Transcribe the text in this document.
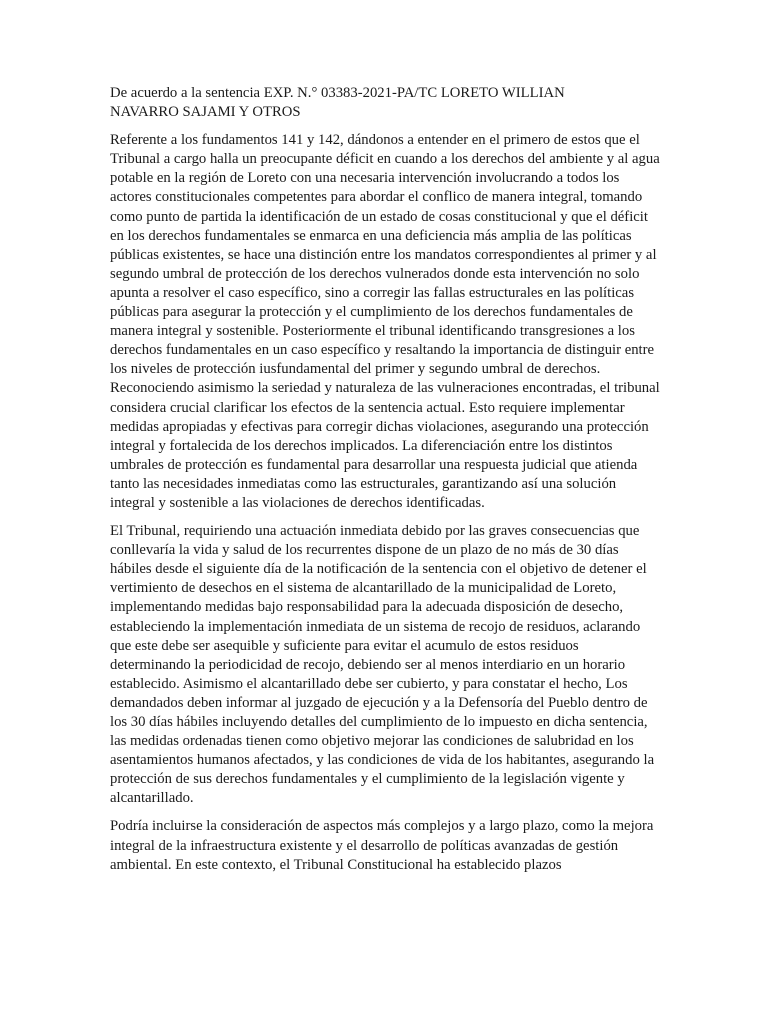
De acuerdo a la sentencia EXP. N.° 03383-2021-PA/TC LORETO WILLIAN NAVARRO SAJAMI Y OTROS

Referente a los fundamentos 141 y 142, dándonos a entender en el primero de estos que el Tribunal a cargo halla un preocupante déficit en cuando a los derechos del ambiente y al agua potable en la región de Loreto con una necesaria intervención involucrando a todos los actores constitucionales competentes para abordar el conflico de manera integral, tomando como punto de partida la identificación de un estado de cosas constitucional y que el déficit en los derechos fundamentales se enmarca en una deficiencia más amplia de las políticas públicas existentes, se hace una distinción entre los mandatos correspondientes al primer y al segundo umbral de protección de los derechos vulnerados donde esta intervención no solo apunta a resolver el caso específico, sino a corregir las fallas estructurales en las políticas públicas para asegurar la protección y el cumplimiento de los derechos fundamentales de manera integral y sostenible. Posteriormente el tribunal identificando transgresiones a los derechos fundamentales en un caso específico y resaltando la importancia de distinguir entre los niveles de protección iusfundamental del primer y segundo umbral de derechos. Reconociendo asimismo la seriedad y naturaleza de las vulneraciones encontradas, el tribunal considera crucial clarificar los efectos de la sentencia actual. Esto requiere implementar medidas apropiadas y efectivas para corregir dichas violaciones, asegurando una protección integral y fortalecida de los derechos implicados. La diferenciación entre los distintos umbrales de protección es fundamental para desarrollar una respuesta judicial que atienda tanto las necesidades inmediatas como las estructurales, garantizando así una solución integral y sostenible a las violaciones de derechos identificadas.

El Tribunal, requiriendo una actuación inmediata debido por las graves consecuencias que conllevaría la vida y salud de los recurrentes dispone de un plazo de no más de 30 días hábiles desde el siguiente día de la notificación de la sentencia con el objetivo de detener el vertimiento de desechos en el sistema de alcantarillado de la municipalidad de Loreto, implementando medidas bajo responsabilidad para la adecuada disposición de desecho, estableciendo la implementación inmediata de un sistema de recojo de residuos, aclarando que este debe ser asequible y suficiente para evitar el acumulo de estos residuos determinando la periodicidad de recojo, debiendo ser al menos interdiario en un horario establecido. Asimismo el alcantarillado debe ser cubierto, y para constatar el hecho, Los demandados deben informar al juzgado de ejecución y a la Defensoría del Pueblo dentro de los 30 días hábiles incluyendo detalles del cumplimiento de lo impuesto en dicha sentencia, las medidas ordenadas tienen como objetivo mejorar las condiciones de salubridad en los asentamientos humanos afectados, y las condiciones de vida de los habitantes, asegurando la protección de sus derechos fundamentales y el cumplimiento de la legislación vigente y alcantarillado.

Podría incluirse la consideración de aspectos más complejos y a largo plazo, como la mejora integral de la infraestructura existente y el desarrollo de políticas avanzadas de gestión ambiental. En este contexto, el Tribunal Constitucional ha establecido plazos
